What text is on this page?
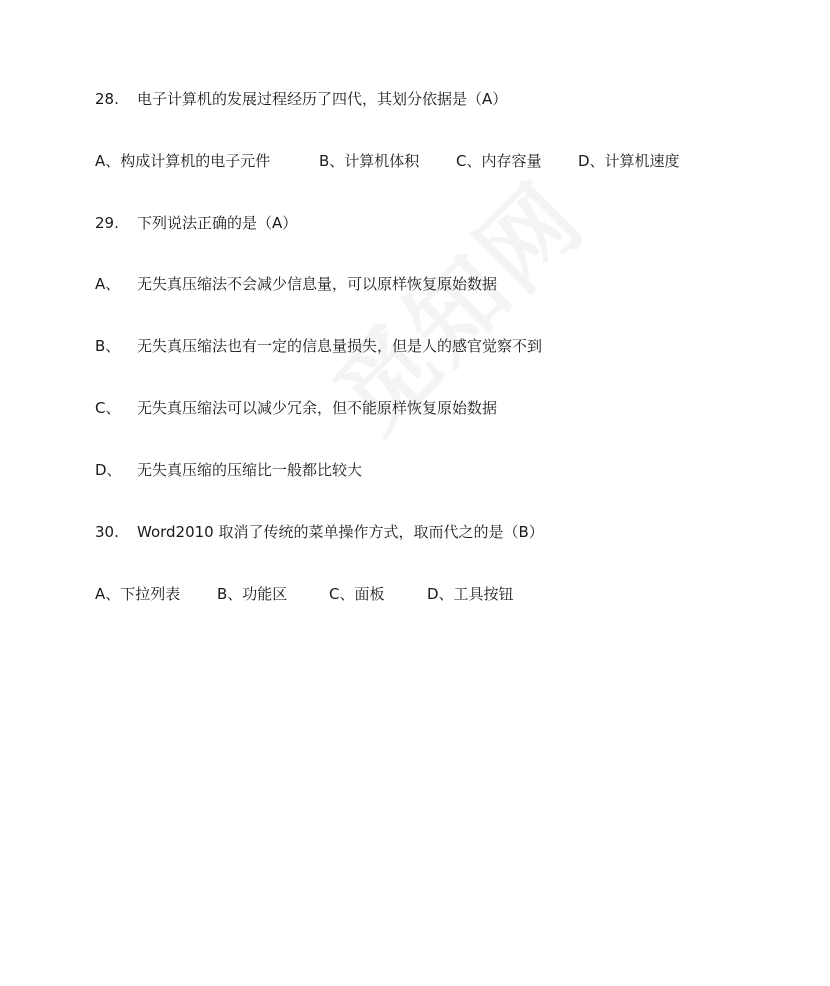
28. 电子计算机的发展过程经历了四代，其划分依据是（A）
A、构成计算机的电子元件	B、计算机体积 C、内存容量 D、计算机速度
29. 下列说法正确的是（A）
A、 无失真压缩法不会减少信息量，可以原样恢复原始数据
B、 无失真压缩法也有一定的信息量损失，但是人的感官觉察不到
C、 无失真压缩法可以减少冗余，但不能原样恢复原始数据
D、 无失真压缩的压缩比一般都比较大
30. Word2010 取消了传统的菜单操作方式，取而代之的是（B）
A、下拉列表 B、功能区	C、面板	D、工具按钮
